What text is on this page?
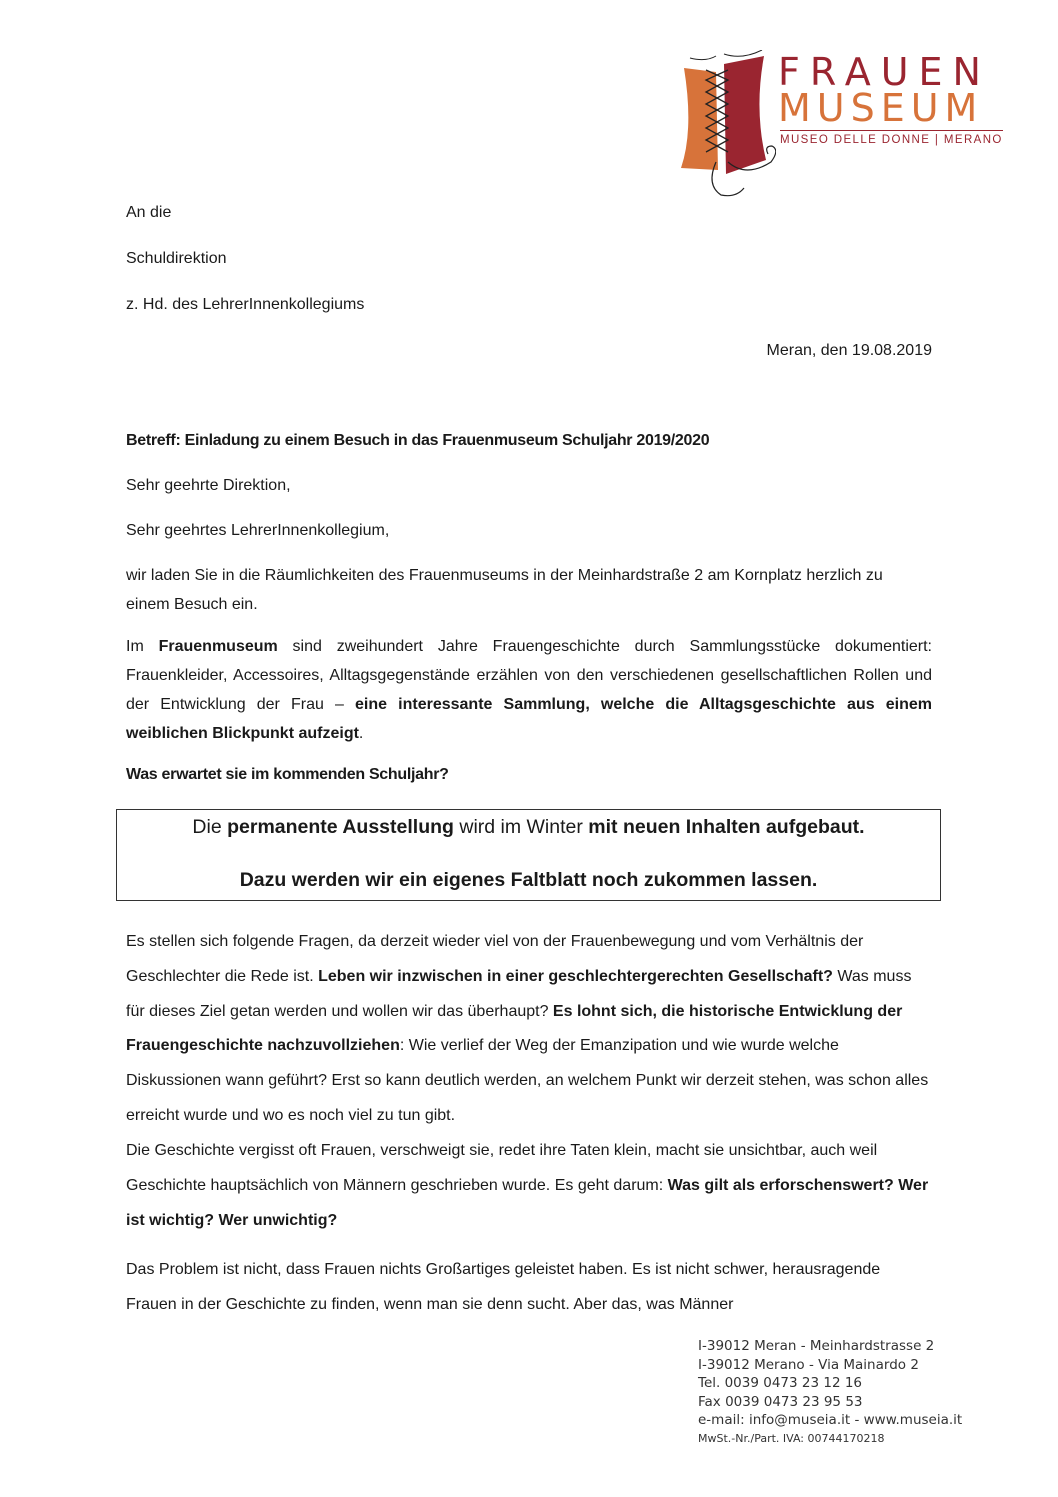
FRAUEN
MUSEUM
MUSEO DELLE DONNE | MERANO
An die
Schuldirektion
z. Hd. des LehrerInnenkollegiums
Meran, den 19.08.2019
Betreff: Einladung zu einem Besuch in das Frauenmuseum Schuljahr 2019/2020
Sehr geehrte Direktion,
Sehr geehrtes LehrerInnenkollegium,
wir laden Sie in die Räumlichkeiten des Frauenmuseums in der Meinhardstraße 2 am Kornplatz herzlich zu einem Besuch ein.
Im Frauenmuseum sind zweihundert Jahre Frauengeschichte durch Sammlungsstücke dokumentiert: Frauenkleider, Accessoires, Alltagsgegenstände erzählen von den verschiedenen gesellschaftlichen Rollen und der Entwicklung der Frau – eine interessante Sammlung, welche die Alltagsgeschichte aus einem weiblichen Blickpunkt aufzeigt.
Was erwartet sie im kommenden Schuljahr?
Die permanente Ausstellung wird im Winter mit neuen Inhalten aufgebaut.
Dazu werden wir ein eigenes Faltblatt noch zukommen lassen.
Es stellen sich folgende Fragen, da derzeit wieder viel von der Frauenbewegung und vom Verhältnis der Geschlechter die Rede ist. Leben wir inzwischen in einer geschlechtergerechten Gesellschaft? Was muss für dieses Ziel getan werden und wollen wir das überhaupt? Es lohnt sich, die historische Entwicklung der Frauengeschichte nachzuvollziehen: Wie verlief der Weg der Emanzipation und wie wurde welche Diskussionen wann geführt? Erst so kann deutlich werden, an welchem Punkt wir derzeit stehen, was schon alles erreicht wurde und wo es noch viel zu tun gibt.
Die Geschichte vergisst oft Frauen, verschweigt sie, redet ihre Taten klein, macht sie unsichtbar, auch weil Geschichte hauptsächlich von Männern geschrieben wurde. Es geht darum: Was gilt als erforschenswert? Wer ist wichtig? Wer unwichtig?
Das Problem ist nicht, dass Frauen nichts Großartiges geleistet haben. Es ist nicht schwer, herausragende Frauen in der Geschichte zu finden, wenn man sie denn sucht. Aber das, was Männer
I-39012 Meran - Meinhardstrasse 2
I-39012 Merano - Via Mainardo 2
Tel. 0039 0473 23 12 16
Fax 0039 0473 23 95 53
e-mail: info@museia.it - www.museia.it
MwSt.-Nr./Part. IVA: 00744170218
